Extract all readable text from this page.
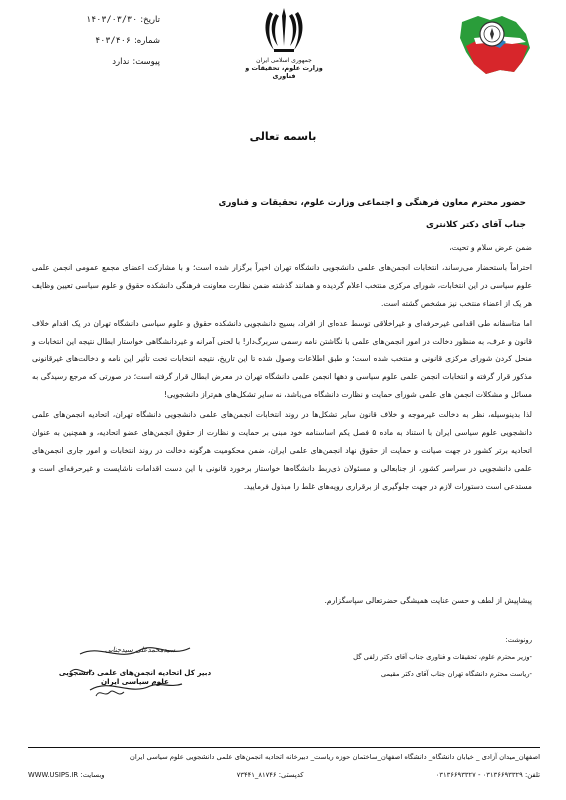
تاریخ:
۱۴۰۳/۰۳/۳۰
شماره:
۴۰۳/۴۰۶
پیوست:
ندارد	جمهوری اسلامی ایران
وزارت علوم، تحقیقات و فناوری
باسمه تعالی
حضور محترم معاون فرهنگی و اجتماعی وزارت علوم، تحقیقات و فناوری
جناب آقای دکتر کلانتری

ضمن عرض سلام و تحیت،

احتراماً باستحضار می‌رساند، انتخابات انجمن‌های علمی دانشجویی دانشگاه تهران اخیراً برگزار شده است؛ و با مشارکت اعضای مجمع عمومی انجمن علمی علوم سیاسی در این انتخابات، شورای مرکزی منتخب اعلام گردیده و همانند گذشته ضمن نظارت معاونت فرهنگی دانشکده حقوق و علوم سیاسی تعیین وظایف هر یک از اعضاء منتخب نیز مشخص گشته است.

اما متاسفانه طی اقدامی غیرحرفه‌ای و غیراخلاقی توسط عده‌ای از افراد، بسیج دانشجویی دانشکده حقوق و علوم سیاسی دانشگاه تهران در یک اقدام خلاف قانون و عرف، به منظور دخالت در امور انجمن‌های علمی با نگاشتن نامه رسمی سربرگ‌دار! با لحنی آمرانه و غیردانشگاهی خواستار ابطال نتیجه این انتخابات و منحل کردن شورای مرکزی قانونی و منتخب شده است؛ و طبق اطلاعات وصول شده تا این تاریخ، نتیجه انتخابات تحت تأثیر این نامه و دخالت‌های غیرقانونی مذکور قرار گرفته و انتخابات انجمن علمی علوم سیاسی و دهها انجمن علمی دانشگاه تهران در معرض ابطال قرار گرفته است؛ در صورتی که مرجع رسیدگی به مسائل و مشکلات انجمن های علمی شورای حمایت و نظارت دانشگاه می‌باشد، نه سایر تشکل‌های هم‌تراز دانشجویی!

لذا بدینوسیله، نظر به دخالت غیرموجه و خلاف قانون سایر تشکل‌ها در روند انتخابات انجمن‌های علمی دانشجویی دانشگاه تهران، اتحادیه انجمن‌های علمی دانشجویی علوم سیاسی ایران با استناد به ماده ۵ فصل یکم اساسنامه خود مبنی بر حمایت و نظارت از حقوق انجمن‌های عضو اتحادیه، و همچنین به عنوان اتحادیه برتر کشور در جهت صیانت و حمایت از حقوق نهاد انجمن‌های علمی ایران، ضمن محکومیت هرگونه دخالت در روند انتخابات و امور جاری انجمن‌های علمی دانشجویی در سراسر کشور، از جنابعالی و مسئولان ذی‌ربط دانشگاه‌ها خواستار برخورد قانونی با این دست اقدامات ناشایست و غیرحرفه‌ای است و مستدعی است دستورات لازم در جهت جلوگیری از برقراری رویه‌های غلط را مبذول فرمایید.

پیشاپیش از لطف و حسن عنایت همیشگی حضرتعالی سپاسگزارم.
رونوشت:
-وزیر محترم علوم، تحقیقات و فناوری جناب آقای دکتر زلفی گل
-ریاست محترم دانشگاه تهران جناب آقای دکتر مقیمی
سیدمحمدعلی سیدجنابی
دبیر کل اتحادیه انجمن‌های علمی دانشجویی علوم سیاسی ایران
اصفهان_میدان آزادی _ خیابان دانشگاه_ دانشگاه اصفهان_ساختمان حوزه ریاست_ دبیرخانه اتحادیه انجمن‌های علمی دانشجویی علوم سیاسی ایران
تلفن: ۰۳۱۳۶۶۹۳۳۲۹ - ۰۳۱۳۶۶۹۳۳۲۷
کدپستی: ۸۱۷۴۶_۷۳۴۴۱
وبسایت: WWW.USIPS.IR
